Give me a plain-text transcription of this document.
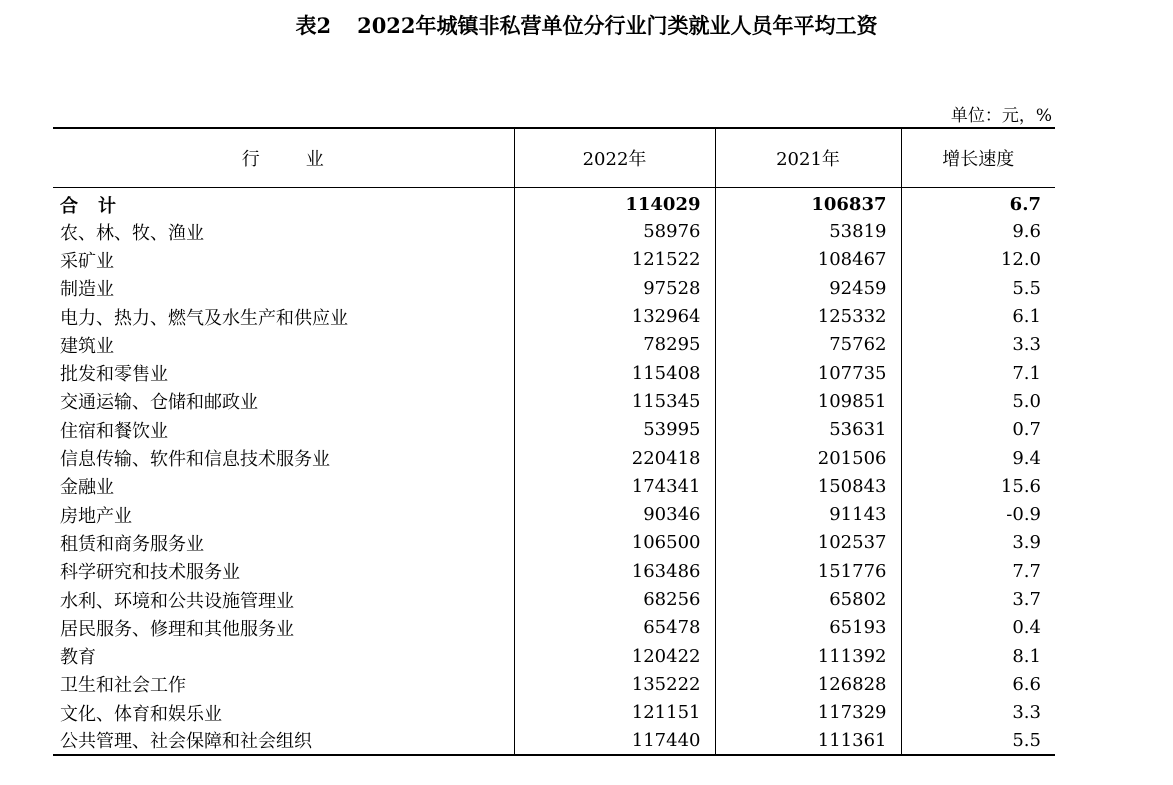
表2 2022年城镇非私营单位分行业门类就业人员年平均工资
单位：元，%
行业	2022年	2021年	增长速度
合计	114029	106837	6.7
农、林、牧、渔业	58976	53819	9.6
采矿业	121522	108467	12.0
制造业	97528	92459	5.5
电力、热力、燃气及水生产和供应业	132964	125332	6.1
建筑业	78295	75762	3.3
批发和零售业	115408	107735	7.1
交通运输、仓储和邮政业	115345	109851	5.0
住宿和餐饮业	53995	53631	0.7
信息传输、软件和信息技术服务业	220418	201506	9.4
金融业	174341	150843	15.6
房地产业	90346	91143	-0.9
租赁和商务服务业	106500	102537	3.9
科学研究和技术服务业	163486	151776	7.7
水利、环境和公共设施管理业	68256	65802	3.7
居民服务、修理和其他服务业	65478	65193	0.4
教育	120422	111392	8.1
卫生和社会工作	135222	126828	6.6
文化、体育和娱乐业	121151	117329	3.3
公共管理、社会保障和社会组织	117440	111361	5.5
